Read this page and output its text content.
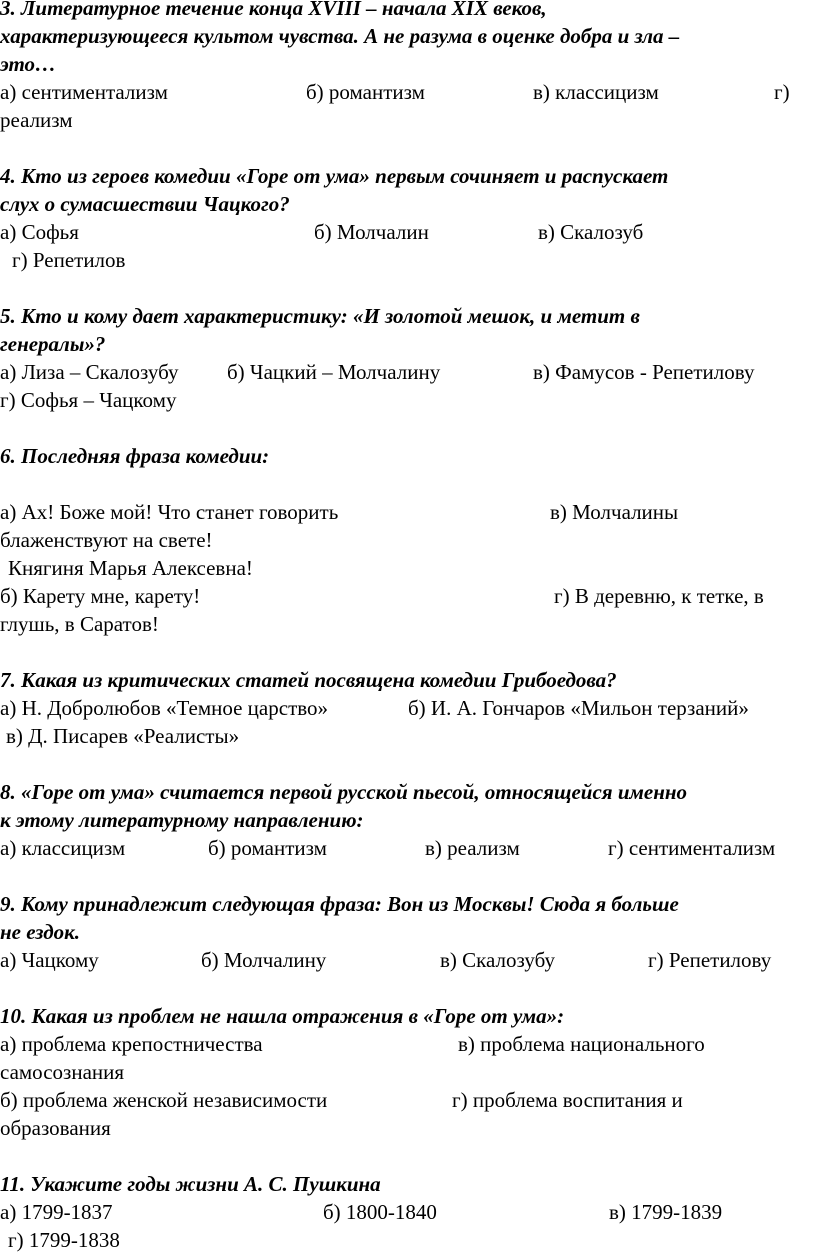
3. Литературное течение конца XVIII – начала XIX веков,
характеризующееся культом чувства. А не разума в оценке добра и зла –
это…
а) сентиментализм	б) романтизм	в) классицизм	г)
реализм
4. Кто из героев комедии «Горе от ума» первым сочиняет и распускает
слух о сумасшествии Чацкого?
а) Софья	б) Молчалин	в) Скалозуб
г) Репетилов
5. Кто и кому дает характеристику: «И золотой мешок, и метит в
генералы»?
а) Лиза – Скалозубу б) Чацкий – Молчалину	в) Фамусов - Репетилову
г) Софья – Чацкому
6. Последняя фраза комедии:
а) Ах! Боже мой! Что станет говорить	в) Молчалины
блаженствуют на свете!
Княгиня Марья Алексевна!
б) Карету мне, карету!	г) В деревню, к тетке, в
глушь, в Саратов!
7. Какая из критических статей посвящена комедии Грибоедова?
а) Н. Добролюбов «Темное царство»	б) И. А. Гончаров «Мильон терзаний»
в) Д. Писарев «Реалисты»
8. «Горе от ума» считается первой русской пьесой, относящейся именно
к этому литературному направлению:
а) классицизм	б) романтизм	в) реализм	г) сентиментализм
9. Кому принадлежит следующая фраза: Вон из Москвы! Сюда я больше
не ездок.
а) Чацкому	б) Молчалину	в) Скалозубу	г) Репетилову
10. Какая из проблем не нашла отражения в «Горе от ума»:
а) проблема крепостничества	в) проблема национального
самосознания
б) проблема женской независимости	г) проблема воспитания и
образования
11. Укажите годы жизни А. С. Пушкина
а) 1799-1837	б) 1800-1840	в) 1799-1839
г) 1799-1838
